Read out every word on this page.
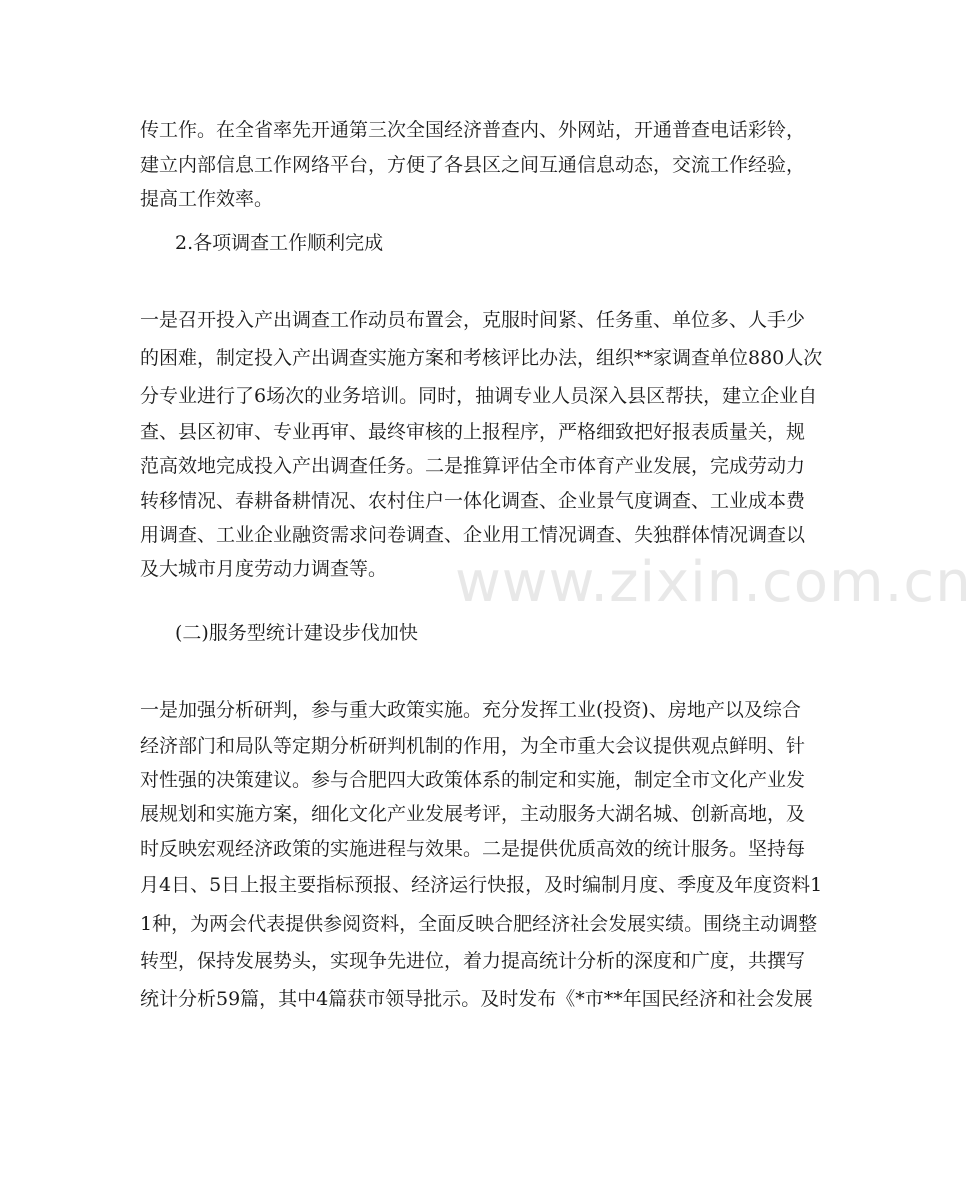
传工作。在全省率先开通第三次全国经济普查内、外网站，开通普查电话彩铃，
建立内部信息工作网络平台，方便了各县区之间互通信息动态，交流工作经验，
提高工作效率。
2.各项调查工作顺利完成
一是召开投入产出调查工作动员布置会，克服时间紧、任务重、单位多、人手少
的困难，制定投入产出调查实施方案和考核评比办法，组织**家调查单位880人次
分专业进行了6场次的业务培训。同时，抽调专业人员深入县区帮扶，建立企业自
查、县区初审、专业再审、最终审核的上报程序，严格细致把好报表质量关，规
范高效地完成投入产出调查任务。二是推算评估全市体育产业发展，完成劳动力
转移情况、春耕备耕情况、农村住户一体化调查、企业景气度调查、工业成本费
用调查、工业企业融资需求问卷调查、企业用工情况调查、失独群体情况调查以
及大城市月度劳动力调查等。
(二)服务型统计建设步伐加快
一是加强分析研判，参与重大政策实施。充分发挥工业(投资)、房地产以及综合
经济部门和局队等定期分析研判机制的作用，为全市重大会议提供观点鲜明、针
对性强的决策建议。参与合肥四大政策体系的制定和实施，制定全市文化产业发
展规划和实施方案，细化文化产业发展考评，主动服务大湖名城、创新高地，及
时反映宏观经济政策的实施进程与效果。二是提供优质高效的统计服务。坚持每
月4日、5日上报主要指标预报、经济运行快报，及时编制月度、季度及年度资料1
1种，为两会代表提供参阅资料，全面反映合肥经济社会发展实绩。围绕主动调整
转型，保持发展势头，实现争先进位，着力提高统计分析的深度和广度，共撰写
统计分析59篇，其中4篇获市领导批示。及时发布《*市**年国民经济和社会发展
www.zixin.com.cn
